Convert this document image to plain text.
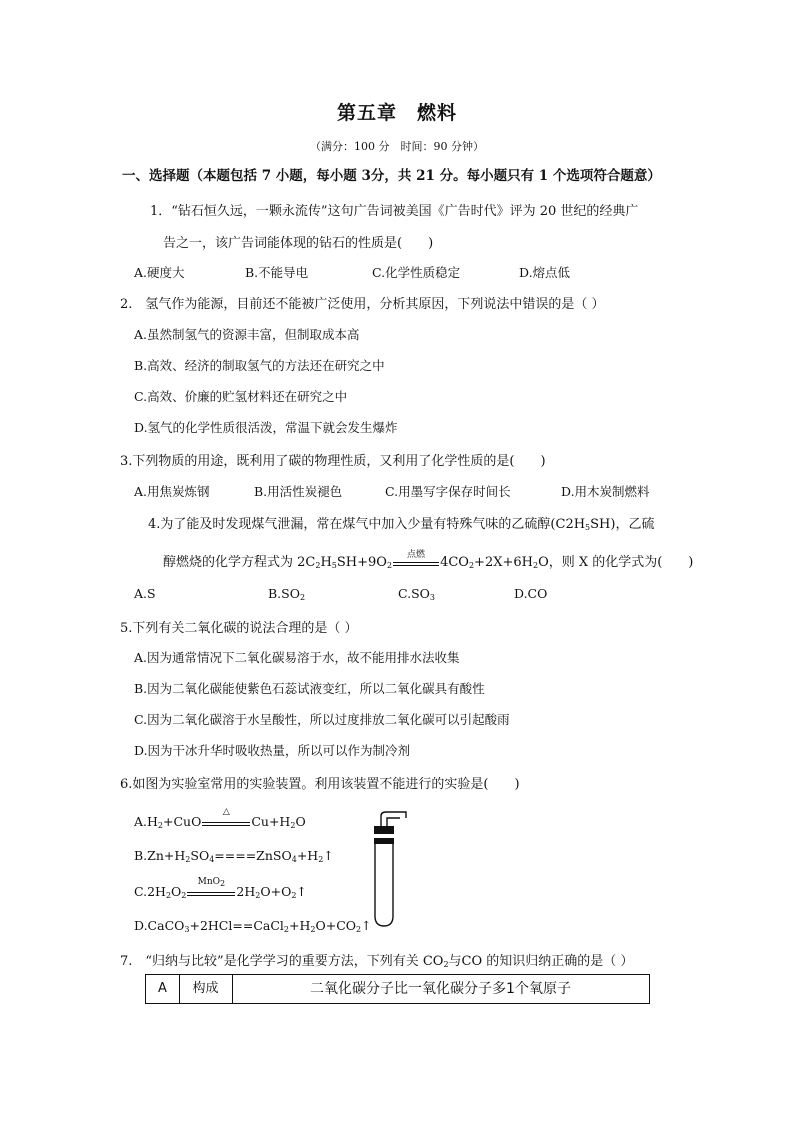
第五章　燃料
（满分：100 分　时间：90 分钟）
一、选择题（本题包括 7 小题，每小题 3分，共 21 分。每小题只有 1 个选项符合题意）
1．“钻石恒久远，一颗永流传”这句广告词被美国《广告时代》评为 20 世纪的经典广
告之一，该广告词能体现的钻石的性质是(　　)
A.硬度大	B.不能导电	C.化学性质稳定	D.熔点低
2.　氢气作为能源，目前还不能被广泛使用，分析其原因，下列说法中错误的是（ ）
A.虽然制氢气的资源丰富，但制取成本高
B.高效、经济的制取氢气的方法还在研究之中
C.高效、价廉的贮氢材料还在研究之中
D.氢气的化学性质很活泼，常温下就会发生爆炸
3.下列物质的用途，既利用了碳的物理性质，又利用了化学性质的是(　　)
A.用焦炭炼钢	B.用活性炭褪色	C.用墨写字保存时间长	D.用木炭制燃料
4.为了能及时发现煤气泄漏，常在煤气中加入少量有特殊气味的乙硫醇$(C2H_5SH)$，乙硫
醇燃烧的化学方程式为 $2C_2H_5SH+9O_2$
点燃
$4CO_2+2X+6H_2O$，则 X 的化学式为(　　)
A.S	$B.SO_2$	$C.SO_3$	D.CO
5.下列有关二氧化碳的说法合理的是（ ）
A.因为通常情况下二氧化碳易溶于水，故不能用排水法收集
B.因为二氧化碳能使紫色石蕊试液变红，所以二氧化碳具有酸性
C.因为二氧化碳溶于水呈酸性，所以过度排放二氧化碳可以引起酸雨
D.因为干冰升华时吸收热量，所以可以作为制冷剂
6.如图为实验室常用的实验装置。利用该装置不能进行的实验是(　　)
$A.H_2+CuO$
△
$Cu+H_2O$
$B.Zn+H_2SO_4====ZnSO_4+H_2↑$
$C.2H_2O_2$
MnO$_2$
$2H_2O+O_2↑$
$D.CaCO_3+2HCl==CaCl_2+H_2O+CO_2↑$
7.　“归纳与比较”是化学学习的重要方法，下列有关 $CO_2$与CO 的知识归纳正确的是（ ）
A	构成	二氧化碳分子比一氧化碳分子多1个氧原子
